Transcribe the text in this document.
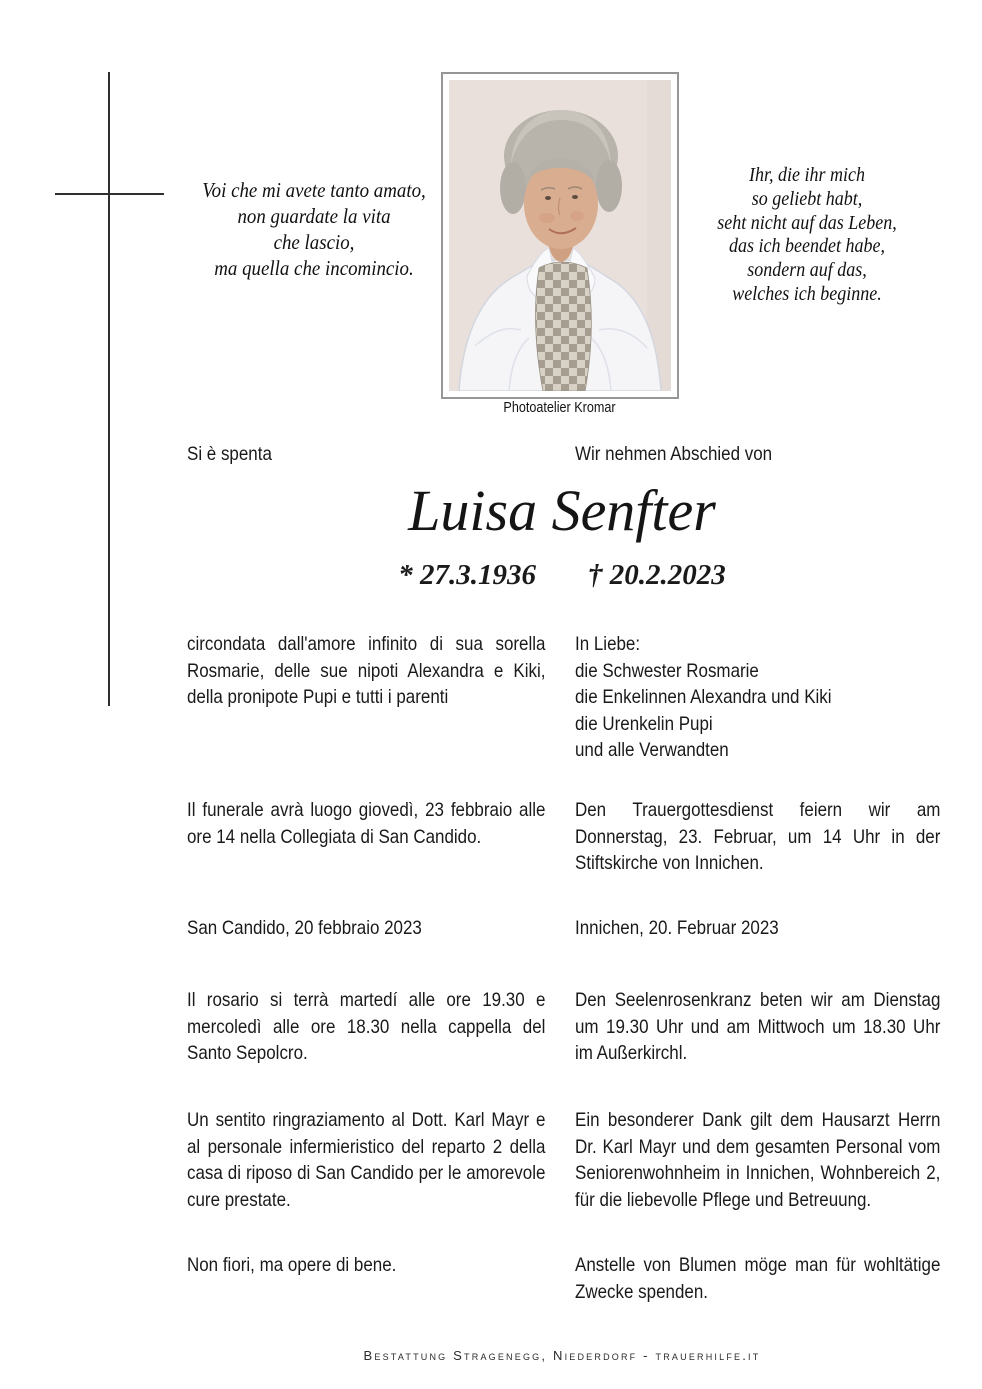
Voi che mi avete tanto amato,
non guardate la vita
che lascio,
ma quella che incomincio.
Ihr, die ihr mich
so geliebt habt,
seht nicht auf das Leben,
das ich beendet habe,
sondern auf das,
welches ich beginne.
Photoatelier Kromar
Si è spenta	Wir nehmen Abschied von
Luisa Senfter
* 27.3.1936 † 20.2.2023
circondata dall'amore infinito di sua sorella Rosmarie, delle sue nipoti Alexandra e Kiki, della pronipote Pupi e tutti i parenti
In Liebe:
die Schwester Rosmarie
die Enkelinnen Alexandra und Kiki
die Urenkelin Pupi
und alle Verwandten
Il funerale avrà luogo giovedì, 23 febbraio alle ore 14 nella Collegiata di San Candido.
Den Trauergottesdienst feiern wir am Donnerstag, 23. Februar, um 14 Uhr in der Stiftskirche von Innichen.
San Candido, 20 febbraio 2023	Innichen, 20. Februar 2023
Il rosario si terrà martedí alle ore 19.30 e mercoledì alle ore 18.30 nella cappella del Santo Sepolcro.
Den Seelenrosenkranz beten wir am Dienstag um 19.30 Uhr und am Mittwoch um 18.30 Uhr im Außerkirchl.
Un sentito ringraziamento al Dott. Karl Mayr e al personale infermieristico del reparto 2 della casa di riposo di San Candido per le amorevole cure prestate.
Ein besonderer Dank gilt dem Hausarzt Herrn Dr. Karl Mayr und dem gesamten Personal vom Seniorenwohnheim in Innichen, Wohnbereich 2, für die liebevolle Pflege und Betreuung.
Non fiori, ma opere di bene.	Anstelle von Blumen möge man für wohltätige Zwecke spenden.
Bestattung Stragenegg, Niederdorf - trauerhilfe.it
